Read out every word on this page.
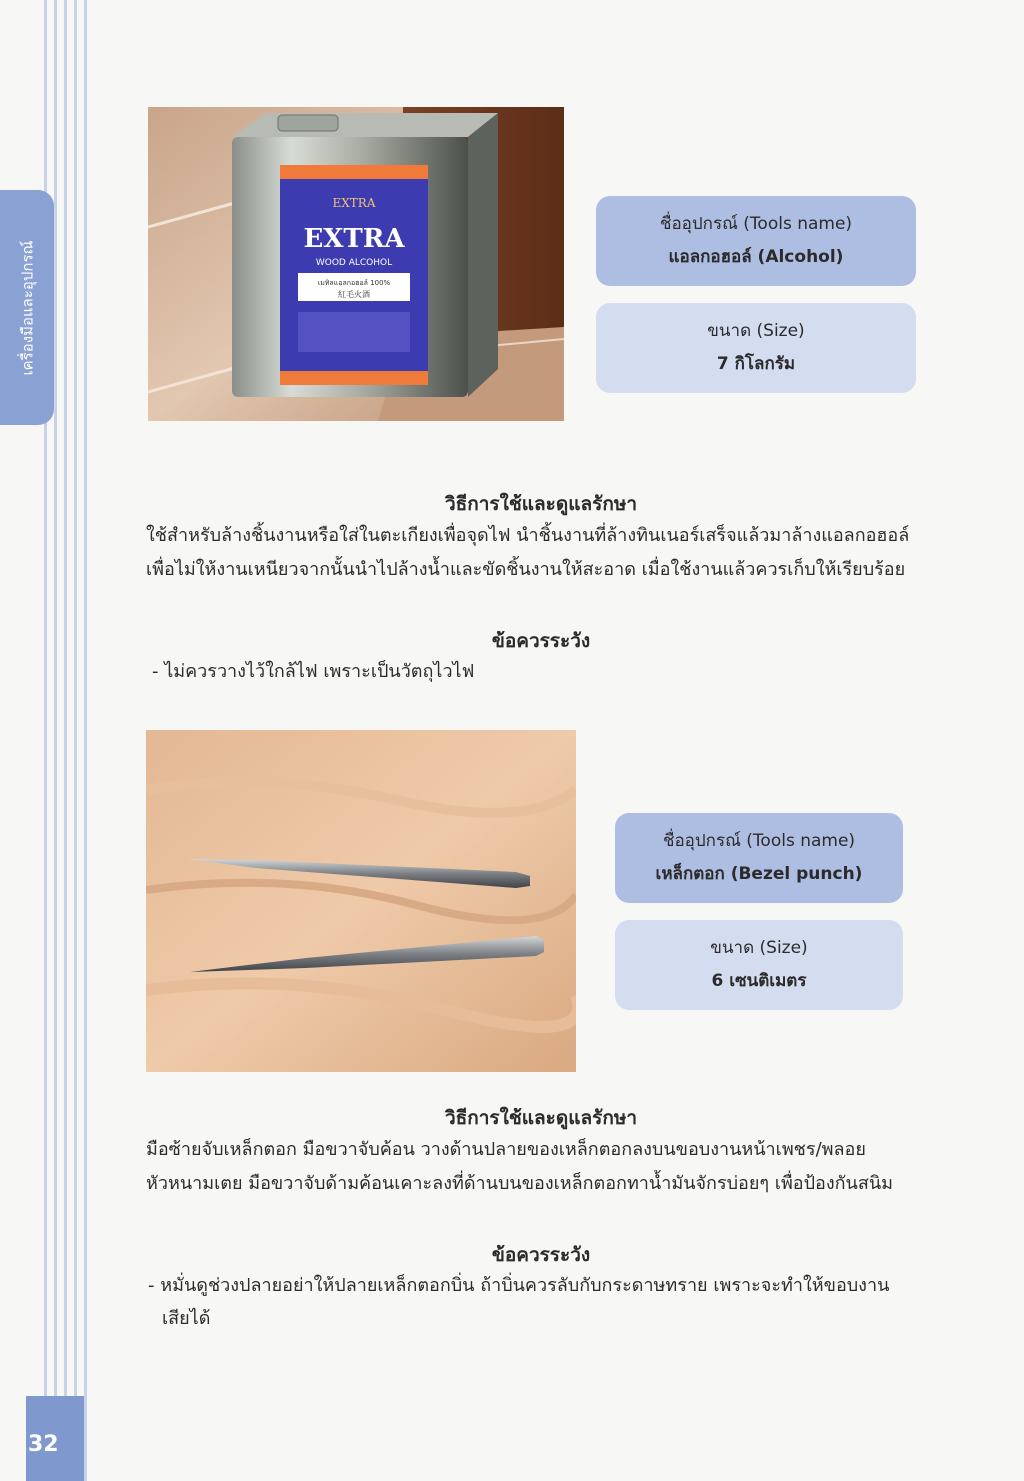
เครื่องมือและอุปกรณ์
32
EXTRA
EXTRA
WOOD ALCOHOL
เมทิลแอลกอฮอล์ 100%
紅毛火酒
ชื่ออุปกรณ์ (Tools name)
แอลกอฮอล์ (Alcohol)
ขนาด (Size)
7 กิโลกรัม
วิธีการใช้และดูแลรักษา

ใช้สำหรับล้างชิ้นงานหรือใส่ในตะเกียงเพื่อจุดไฟ นำชิ้นงานที่ล้างทินเนอร์เสร็จแล้วมาล้างแอลกอฮอล์

เพื่อไม่ให้งานเหนียวจากนั้นนำไปล้างน้ำและขัดชิ้นงานให้สะอาด เมื่อใช้งานแล้วควรเก็บให้เรียบร้อย

ข้อควรระวัง

- ไม่ควรวางไว้ใกล้ไฟ เพราะเป็นวัตถุไวไฟ

ชื่ออุปกรณ์ (Tools name)
เหล็กตอก (Bezel punch)
ขนาด (Size)
6 เซนติเมตร
วิธีการใช้และดูแลรักษา

มือซ้ายจับเหล็กตอก มือขวาจับค้อน วางด้านปลายของเหล็กตอกลงบนขอบงานหน้าเพชร/พลอย

หัวหนามเตย มือขวาจับด้ามค้อนเคาะลงที่ด้านบนของเหล็กตอกทาน้ำมันจักรบ่อยๆ เพื่อป้องกันสนิม

ข้อควรระวัง

- หมั่นดูช่วงปลายอย่าให้ปลายเหล็กตอกบิ่น ถ้าบิ่นควรลับกับกระดาษทราย เพราะจะทำให้ขอบงาน

เสียได้
